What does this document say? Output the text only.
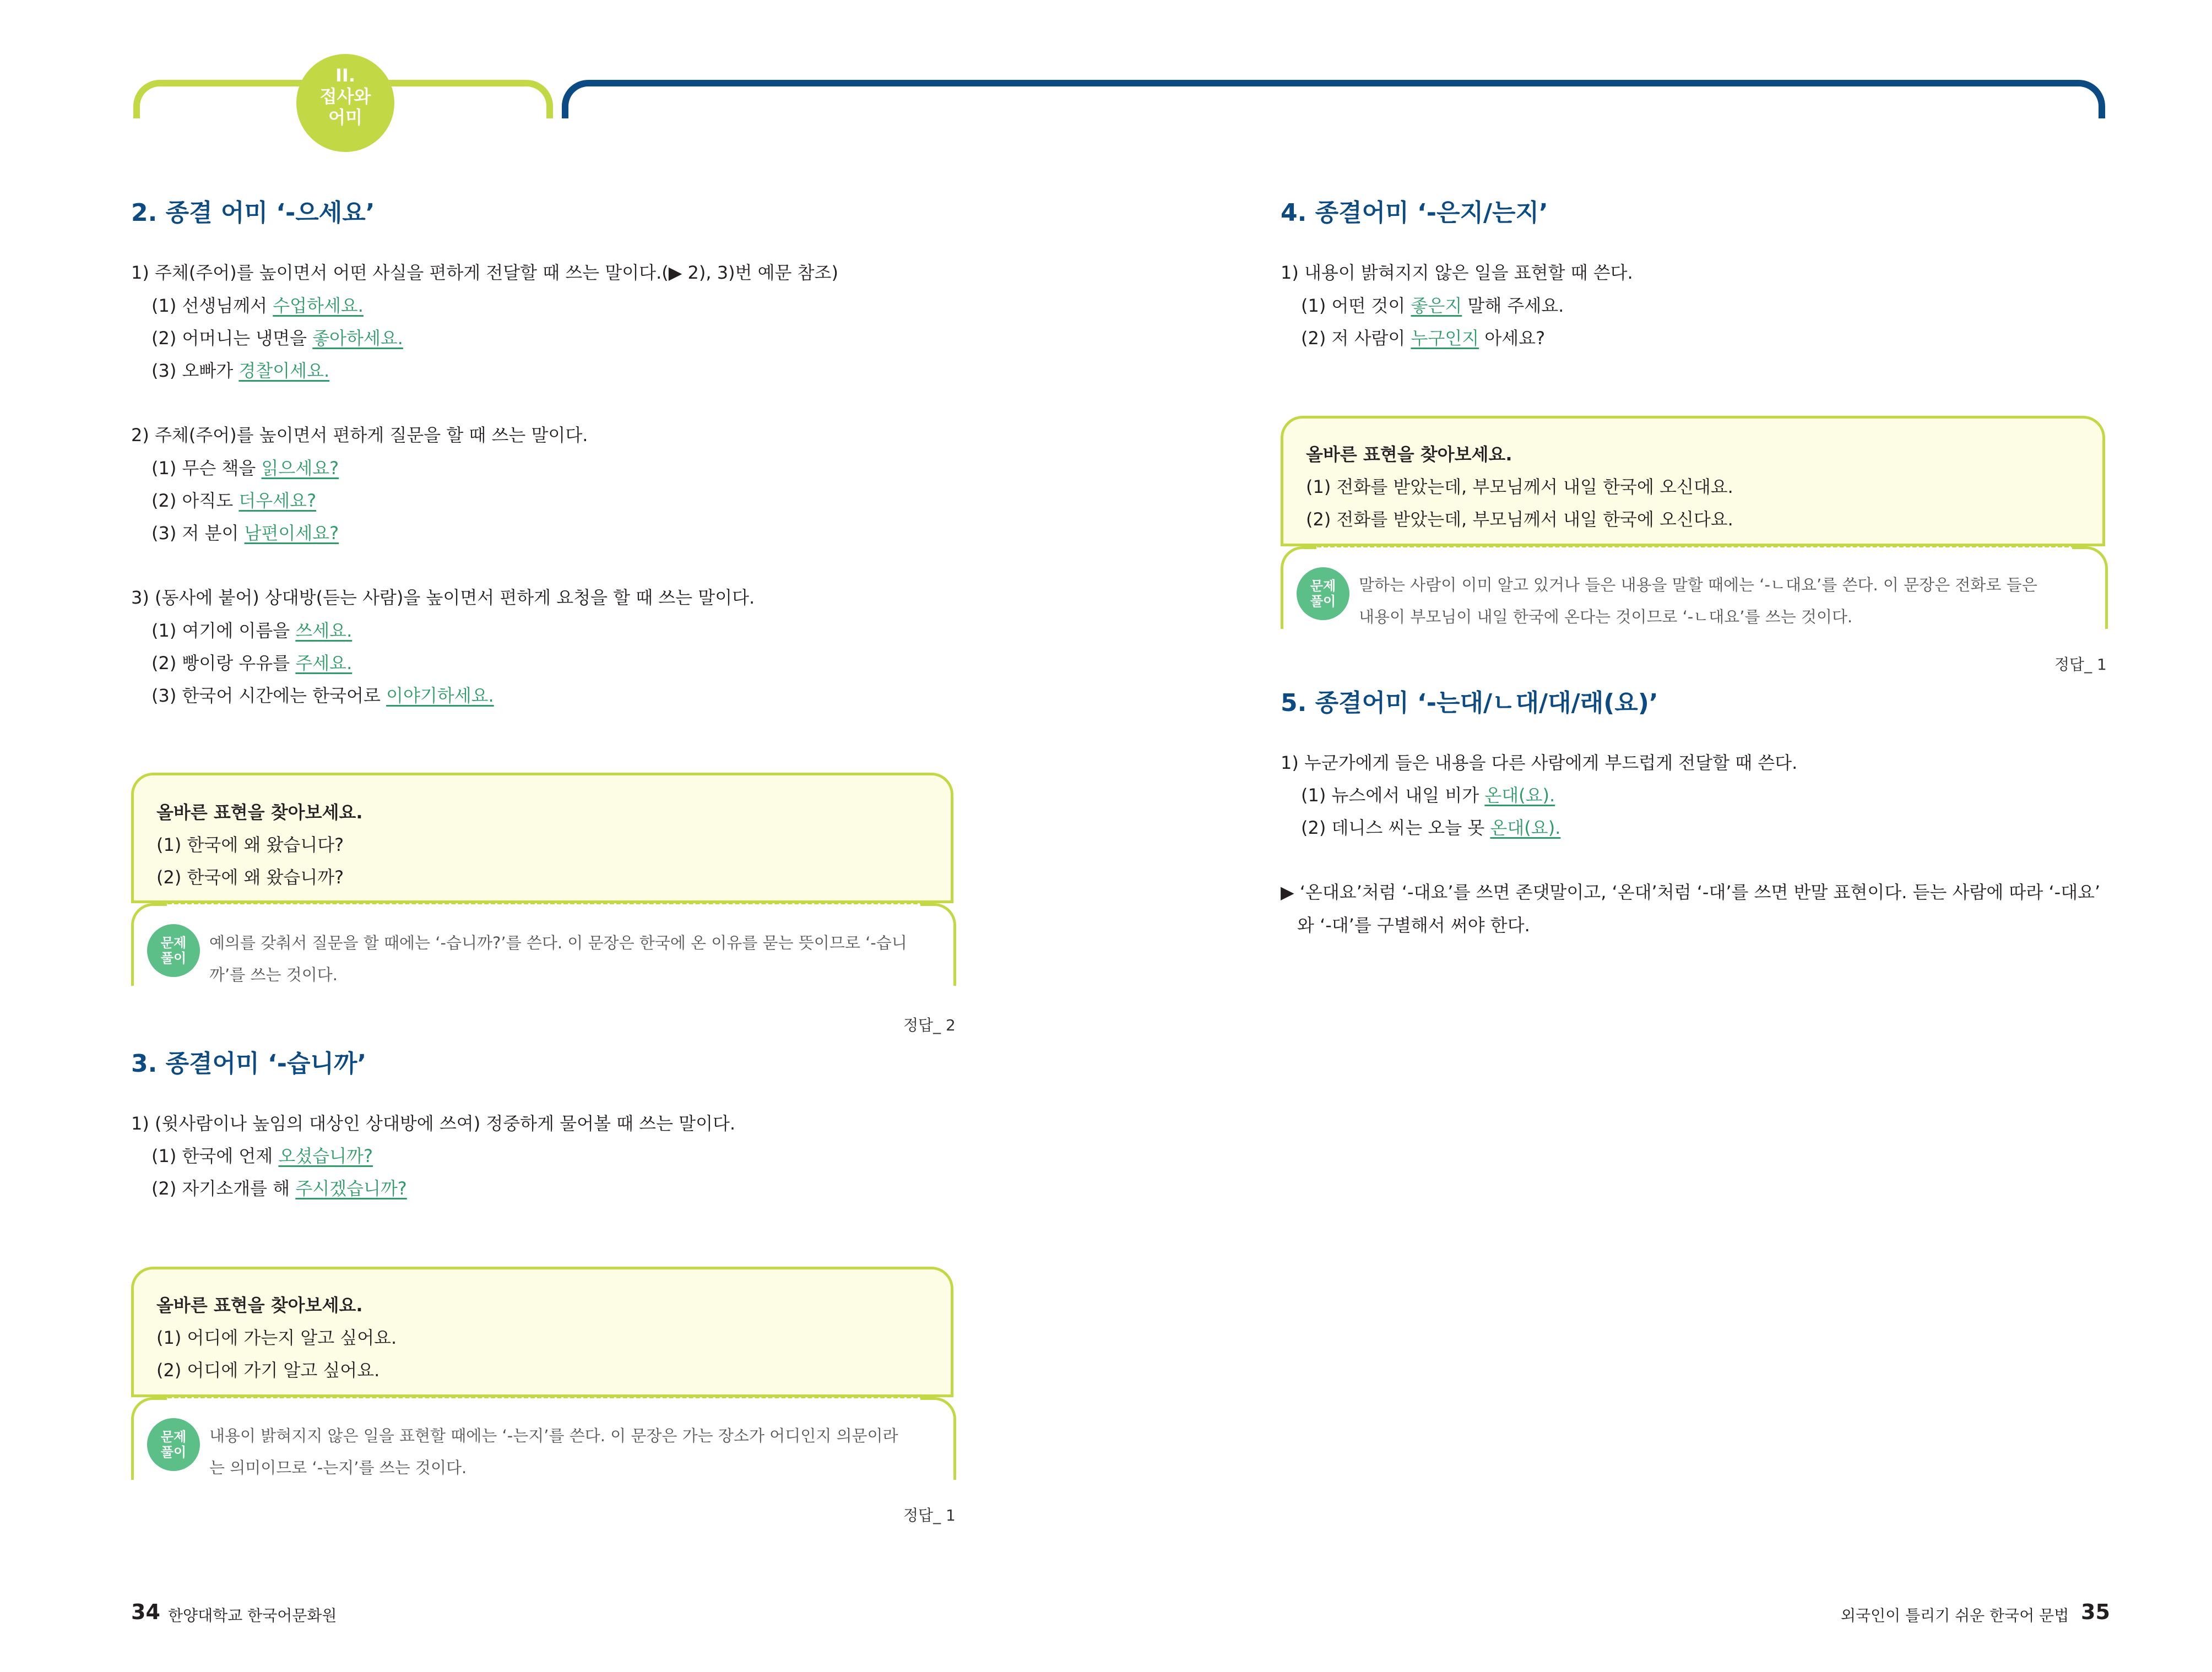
II.
접사와
어미
2. 종결 어미 ‘-으세요’
1) 주체(주어)를 높이면서 어떤 사실을 편하게 전달할 때 쓰는 말이다.(▶ 2), 3)번 예문 참조)
(1) 선생님께서 수업하세요.
(2) 어머니는 냉면을 좋아하세요.
(3) 오빠가 경찰이세요.
2) 주체(주어)를 높이면서 편하게 질문을 할 때 쓰는 말이다.
(1) 무슨 책을 읽으세요?
(2) 아직도 더우세요?
(3) 저 분이 남편이세요?
3) (동사에 붙어) 상대방(듣는 사람)을 높이면서 편하게 요청을 할 때 쓰는 말이다.
(1) 여기에 이름을 쓰세요.
(2) 빵이랑 우유를 주세요.
(3) 한국어 시간에는 한국어로 이야기하세요.
올바른 표현을 찾아보세요.
(1) 한국에 왜 왔습니다?
(2) 한국에 왜 왔습니까?
문제
풀이
예의를 갖춰서 질문을 할 때에는 ‘-습니까?’를 쓴다. 이 문장은 한국에 온 이유를 묻는 뜻이므로 ‘-습니
까’를 쓰는 것이다.
정답_ 2
3. 종결어미 ‘-습니까’
1) (윗사람이나 높임의 대상인 상대방에 쓰여) 정중하게 물어볼 때 쓰는 말이다.
(1) 한국에 언제 오셨습니까?
(2) 자기소개를 해 주시겠습니까?
올바른 표현을 찾아보세요.
(1) 어디에 가는지 알고 싶어요.
(2) 어디에 가기 알고 싶어요.
문제
풀이
내용이 밝혀지지 않은 일을 표현할 때에는 ‘-는지’를 쓴다. 이 문장은 가는 장소가 어디인지 의문이라
는 의미이므로 ‘-는지’를 쓰는 것이다.
정답_ 1
34 한양대학교 한국어문화원
4. 종결어미 ‘-은지/는지’
1) 내용이 밝혀지지 않은 일을 표현할 때 쓴다.
(1) 어떤 것이 좋은지 말해 주세요.
(2) 저 사람이 누구인지 아세요?
올바른 표현을 찾아보세요.
(1) 전화를 받았는데, 부모님께서 내일 한국에 오신대요.
(2) 전화를 받았는데, 부모님께서 내일 한국에 오신다요.
문제
풀이
말하는 사람이 이미 알고 있거나 들은 내용을 말할 때에는 ‘-ㄴ대요’를 쓴다. 이 문장은 전화로 들은
내용이 부모님이 내일 한국에 온다는 것이므로 ‘-ㄴ대요’를 쓰는 것이다.
정답_ 1
5. 종결어미 ‘-는대/ㄴ대/대/래(요)’
1) 누군가에게 들은 내용을 다른 사람에게 부드럽게 전달할 때 쓴다.
(1) 뉴스에서 내일 비가 온대(요).
(2) 데니스 씨는 오늘 못 온대(요).
▶ ‘온대요’처럼 ‘-대요’를 쓰면 존댓말이고, ‘온대’처럼 ‘-대’를 쓰면 반말 표현이다. 듣는 사람에 따라 ‘-대요’
와 ‘-대’를 구별해서 써야 한다.
외국인이 틀리기 쉬운 한국어 문법 35
